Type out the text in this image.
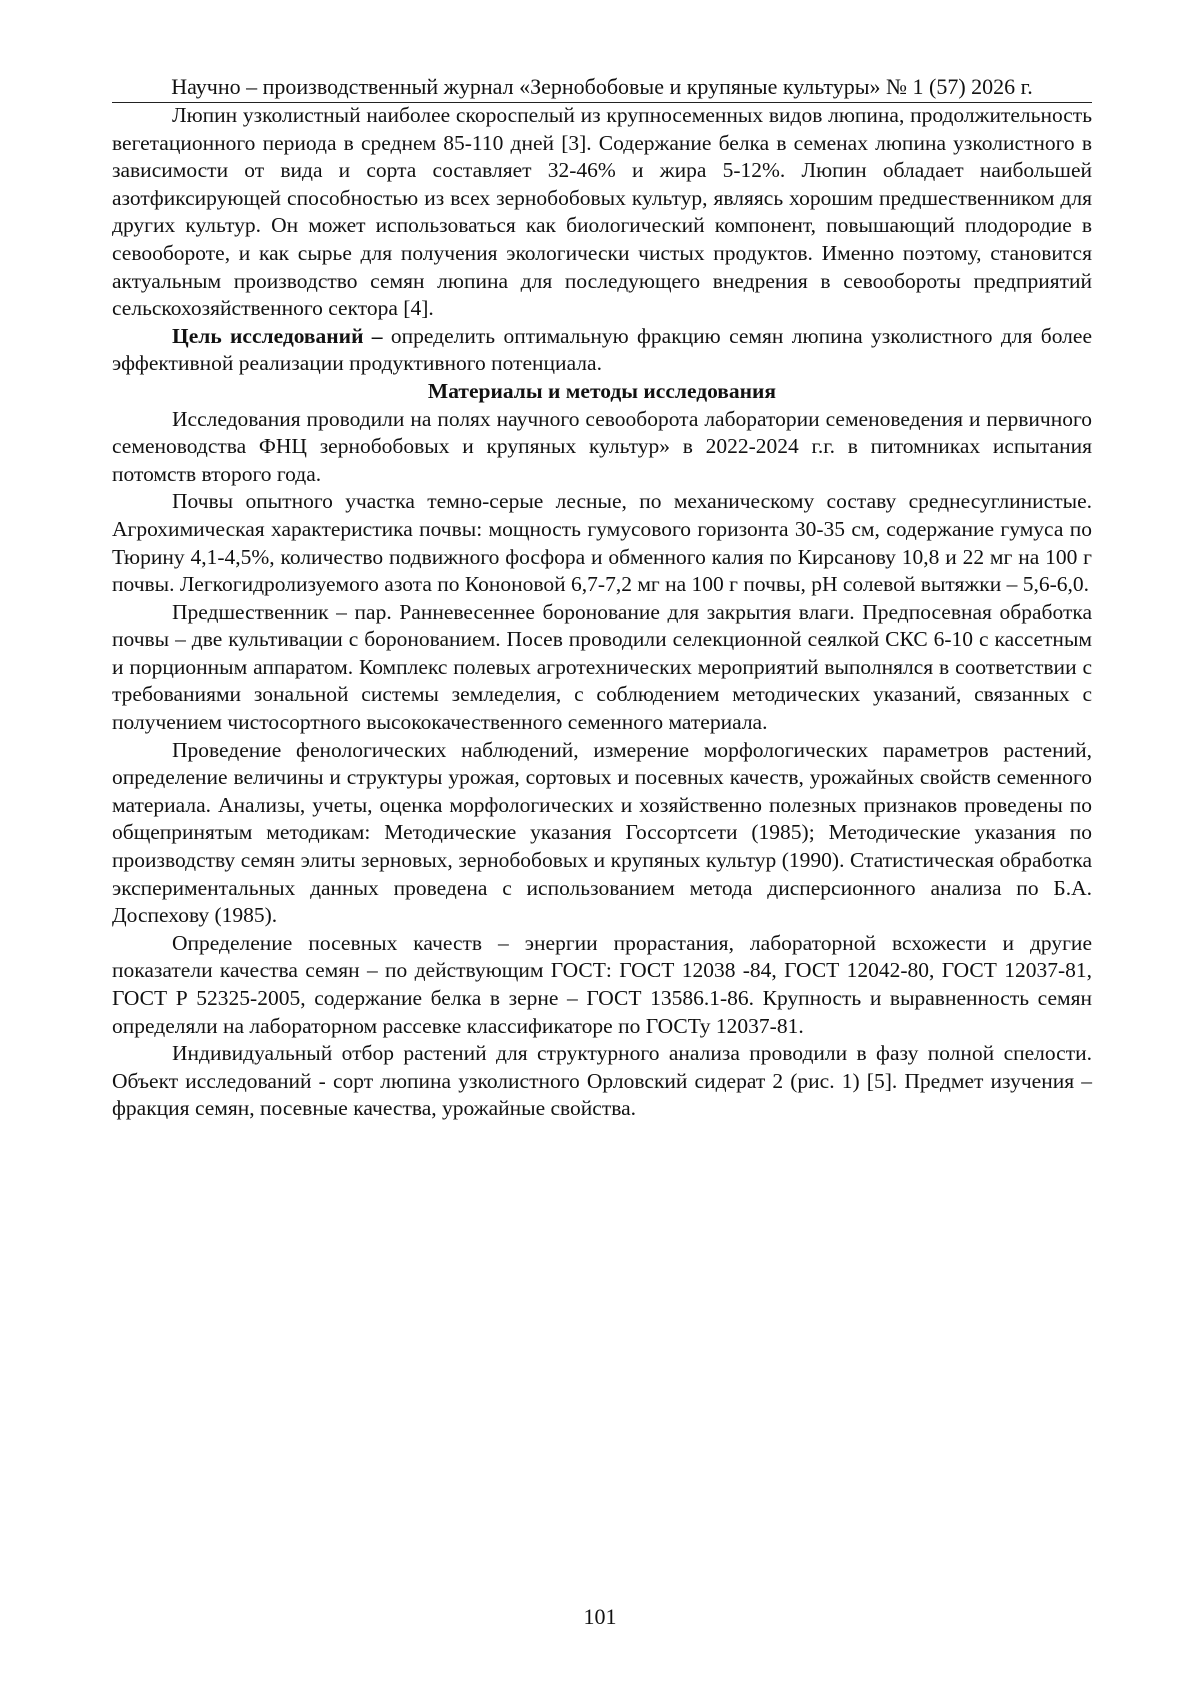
Научно – производственный журнал «Зернобобовые и крупяные культуры» № 1 (57) 2026 г.

Люпин узколистный наиболее скороспелый из крупносеменных видов люпина, продолжительность вегетационного периода в среднем 85-110 дней [3]. Содержание белка в семенах люпина узколистного в зависимости от вида и сорта составляет 32-46% и жира 5-12%. Люпин обладает наибольшей азотфиксирующей способностью из всех зернобобовых культур, являясь хорошим предшественником для других культур. Он может использоваться как биологический компонент, повышающий плодородие в севообороте, и как сырье для получения экологически чистых продуктов. Именно поэтому, становится актуальным производство семян люпина для последующего внедрения в севообороты предприятий сельскохозяйственного сектора [4].

Цель исследований – определить оптимальную фракцию семян люпина узколистного для более эффективной реализации продуктивного потенциала.

Материалы и методы исследования

Исследования проводили на полях научного севооборота лаборатории семеноведения и первичного семеноводства ФНЦ зернобобовых и крупяных культур» в 2022-2024 г.г. в питомниках испытания потомств второго года.

Почвы опытного участка темно-серые лесные, по механическому составу среднесуглинистые. Агрохимическая характеристика почвы: мощность гумусового горизонта 30-35 см, содержание гумуса по Тюрину 4,1-4,5%, количество подвижного фосфора и обменного калия по Кирсанову 10,8 и 22 мг на 100 г почвы. Легкогидролизуемого азота по Кононовой 6,7-7,2 мг на 100 г почвы, pH солевой вытяжки – 5,6-6,0.

Предшественник – пар. Ранневесеннее боронование для закрытия влаги. Предпосевная обработка почвы – две культивации с боронованием. Посев проводили селекционной сеялкой СКС 6-10 с кассетным и порционным аппаратом. Комплекс полевых агротехнических мероприятий выполнялся в соответствии с требованиями зональной системы земледелия, с соблюдением методических указаний, связанных с получением чистосортного высококачественного семенного материала.

Проведение фенологических наблюдений, измерение морфологических параметров растений, определение величины и структуры урожая, сортовых и посевных качеств, урожайных свойств семенного материала. Анализы, учеты, оценка морфологических и хозяйственно полезных признаков проведены по общепринятым методикам: Методические указания Госсортсети (1985); Методические указания по производству семян элиты зерновых, зернобобовых и крупяных культур (1990). Статистическая обработка экспериментальных данных проведена с использованием метода дисперсионного анализа по Б.А. Доспехову (1985).

Определение посевных качеств – энергии прорастания, лабораторной всхожести и другие показатели качества семян – по действующим ГОСТ: ГОСТ 12038 -84, ГОСТ 12042-80, ГОСТ 12037-81, ГОСТ Р 52325-2005, содержание белка в зерне – ГОСТ 13586.1-86. Крупность и выравненность семян определяли на лабораторном рассевке классификаторе по ГОСТу 12037-81.

Индивидуальный отбор растений для структурного анализа проводили в фазу полной спелости. Объект исследований - сорт люпина узколистного Орловский сидерат 2 (рис. 1) [5]. Предмет изучения – фракция семян, посевные качества, урожайные свойства.

101
